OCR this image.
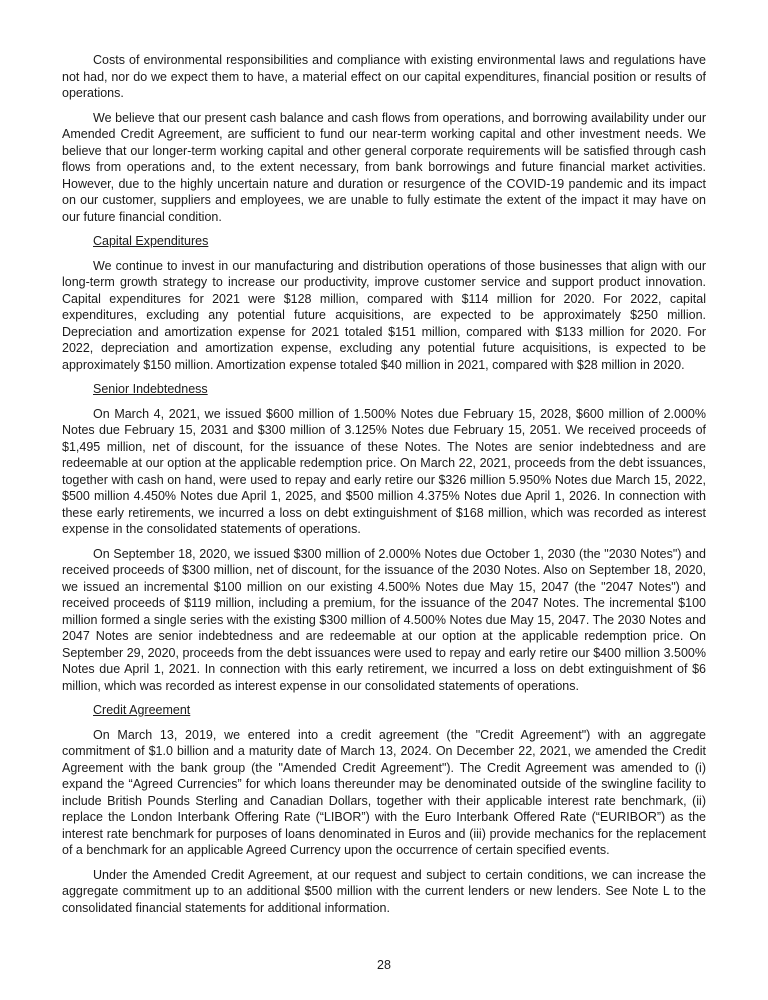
Costs of environmental responsibilities and compliance with existing environmental laws and regulations have not had, nor do we expect them to have, a material effect on our capital expenditures, financial position or results of operations.

We believe that our present cash balance and cash flows from operations, and borrowing availability under our Amended Credit Agreement, are sufficient to fund our near-term working capital and other investment needs. We believe that our longer-term working capital and other general corporate requirements will be satisfied through cash flows from operations and, to the extent necessary, from bank borrowings and future financial market activities. However, due to the highly uncertain nature and duration or resurgence of the COVID-19 pandemic and its impact on our customer, suppliers and employees, we are unable to fully estimate the extent of the impact it may have on our future financial condition.

Capital Expenditures

We continue to invest in our manufacturing and distribution operations of those businesses that align with our long-term growth strategy to increase our productivity, improve customer service and support product innovation. Capital expenditures for 2021 were $128 million, compared with $114 million for 2020. For 2022, capital expenditures, excluding any potential future acquisitions, are expected to be approximately $250 million. Depreciation and amortization expense for 2021 totaled $151 million, compared with $133 million for 2020. For 2022, depreciation and amortization expense, excluding any potential future acquisitions, is expected to be approximately $150 million. Amortization expense totaled $40 million in 2021, compared with $28 million in 2020.

Senior Indebtedness

On March 4, 2021, we issued $600 million of 1.500% Notes due February 15, 2028, $600 million of 2.000% Notes due February 15, 2031 and $300 million of 3.125% Notes due February 15, 2051. We received proceeds of $1,495 million, net of discount, for the issuance of these Notes. The Notes are senior indebtedness and are redeemable at our option at the applicable redemption price. On March 22, 2021, proceeds from the debt issuances, together with cash on hand, were used to repay and early retire our $326 million 5.950% Notes due March 15, 2022, $500 million 4.450% Notes due April 1, 2025, and $500 million 4.375% Notes due April 1, 2026. In connection with these early retirements, we incurred a loss on debt extinguishment of $168 million, which was recorded as interest expense in the consolidated statements of operations.

On September 18, 2020, we issued $300 million of 2.000% Notes due October 1, 2030 (the "2030 Notes") and received proceeds of $300 million, net of discount, for the issuance of the 2030 Notes. Also on September 18, 2020, we issued an incremental $100 million on our existing 4.500% Notes due May 15, 2047 (the "2047 Notes") and received proceeds of $119 million, including a premium, for the issuance of the 2047 Notes. The incremental $100 million formed a single series with the existing $300 million of 4.500% Notes due May 15, 2047. The 2030 Notes and 2047 Notes are senior indebtedness and are redeemable at our option at the applicable redemption price. On September 29, 2020, proceeds from the debt issuances were used to repay and early retire our $400 million 3.500% Notes due April 1, 2021. In connection with this early retirement, we incurred a loss on debt extinguishment of $6 million, which was recorded as interest expense in our consolidated statements of operations.

Credit Agreement

On March 13, 2019, we entered into a credit agreement (the "Credit Agreement") with an aggregate commitment of $1.0 billion and a maturity date of March 13, 2024. On December 22, 2021, we amended the Credit Agreement with the bank group (the "Amended Credit Agreement"). The Credit Agreement was amended to (i) expand the “Agreed Currencies” for which loans thereunder may be denominated outside of the swingline facility to include British Pounds Sterling and Canadian Dollars, together with their applicable interest rate benchmark, (ii) replace the London Interbank Offering Rate (“LIBOR”) with the Euro Interbank Offered Rate (“EURIBOR”) as the interest rate benchmark for purposes of loans denominated in Euros and (iii) provide mechanics for the replacement of a benchmark for an applicable Agreed Currency upon the occurrence of certain specified events.

Under the Amended Credit Agreement, at our request and subject to certain conditions, we can increase the aggregate commitment up to an additional $500 million with the current lenders or new lenders. See Note L to the consolidated financial statements for additional information.

28
